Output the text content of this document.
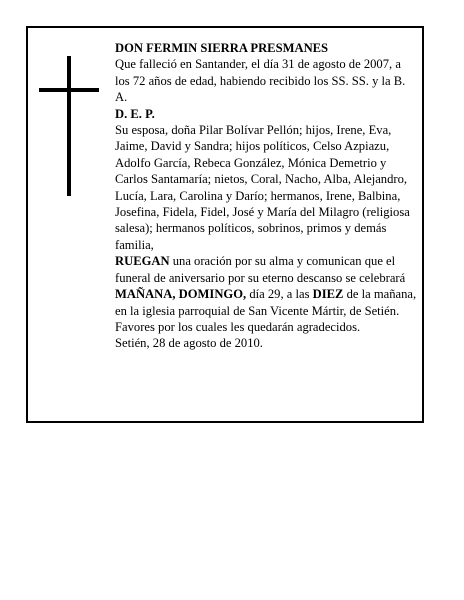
DON FERMIN SIERRA PRESMANES

Que falleció en Santander, el día 31 de agosto de 2007, a los 72 años de edad, habiendo recibido los SS. SS. y la B. A.

D. E. P.

Su esposa, doña Pilar Bolívar Pellón; hijos, Irene, Eva, Jaime, David y Sandra; hijos políticos, Celso Azpiazu, Adolfo García, Rebeca González, Mónica Demetrio y Carlos Santamaría; nietos, Coral, Nacho, Alba, Alejandro, Lucía, Lara, Carolina y Darío; hermanos, Irene, Balbina, Josefina, Fidela, Fidel, José y María del Milagro (religiosa salesa); hermanos políticos, sobrinos, primos y demás familia,

RUEGAN una oración por su alma y comunican que el funeral de aniversario por su eterno descanso se celebrará MAÑANA, DOMINGO, día 29, a las DIEZ de la mañana, en la iglesia parroquial de San Vicente Mártir, de Setién. Favores por los cuales les quedarán agradecidos.

Setién, 28 de agosto de 2010.
